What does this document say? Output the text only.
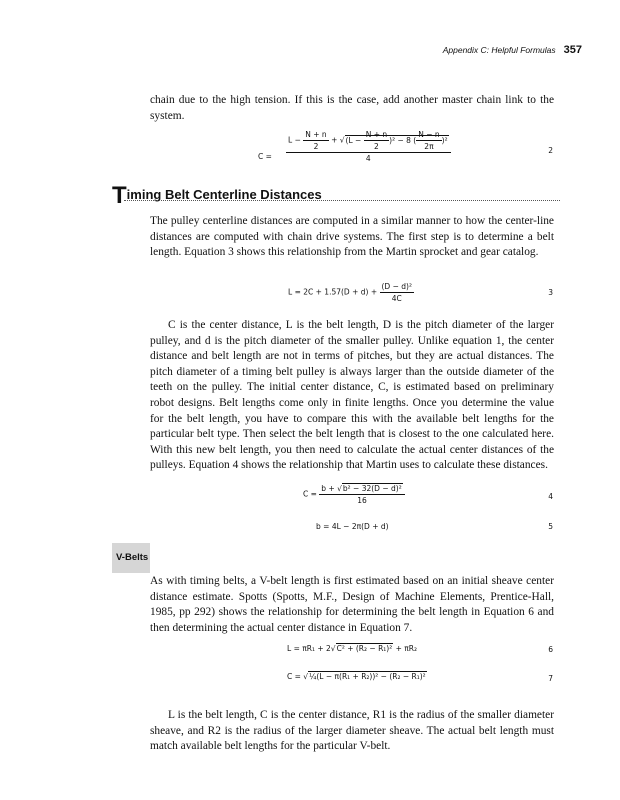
Appendix C: Helpful Formulas 357
chain due to the high tension. If this is the case, add another master chain link to the system.
C =
$L - \frac{N + n}{2} + √(L - \frac{N + n}{2} )^2 - 8$ ( $\frac{N - n}{2\pi} )^2$
4
2
Timing Belt Centerline Distances
The pulley centerline distances are computed in a similar manner to how the center-line distances are computed with chain drive systems. The first step is to determine a belt length. Equation 3 shows this relationship from the Martin sprocket and gear catalog.
$L = 2C + 1.57(D + d) + \frac{\text{(D − d)²}}{4C}$	3
C is the center distance, L is the belt length, D is the pitch diameter of the larger pulley, and d is the pitch diameter of the smaller pulley. Unlike equation 1, the center distance and belt length are not in terms of pitches, but they are actual distances. The pitch diameter of a timing belt pulley is always larger than the outside diameter of the teeth on the pulley. The initial center distance, C, is estimated based on preliminary robot designs. Belt lengths come only in finite lengths. Once you determine the value for the belt length, you have to compare this with the available belt lengths for the particular belt type. Then select the belt length that is closest to the one calculated here. With this new belt length, you then need to calculate the actual center distances of the pulleys. Equation 4 shows the relationship that Martin uses to calculate these distances.
$C = \frac{\text{b + √b² − 32(D − d)²}}{16}$	4
b = 4L − 2π(D + d)	5
V-Belts
As with timing belts, a V-belt length is first estimated based on an initial sheave center distance estimate. Spotts (Spotts, M.F., Design of Machine Elements, Prentice-Hall, 1985, pp 292) shows the relationship for determining the belt length in Equation 6 and then determining the actual center distance in Equation 7.
L = πR₁ + 2√C² + (R₂ − R₁)² + πR₂	6
C = √¼(L − π(R₁ + R₂))² − (R₂ − R₁)²	7
L is the belt length, C is the center distance, R1 is the radius of the smaller diameter sheave, and R2 is the radius of the larger diameter sheave. The actual belt length must match available belt lengths for the particular V-belt.
